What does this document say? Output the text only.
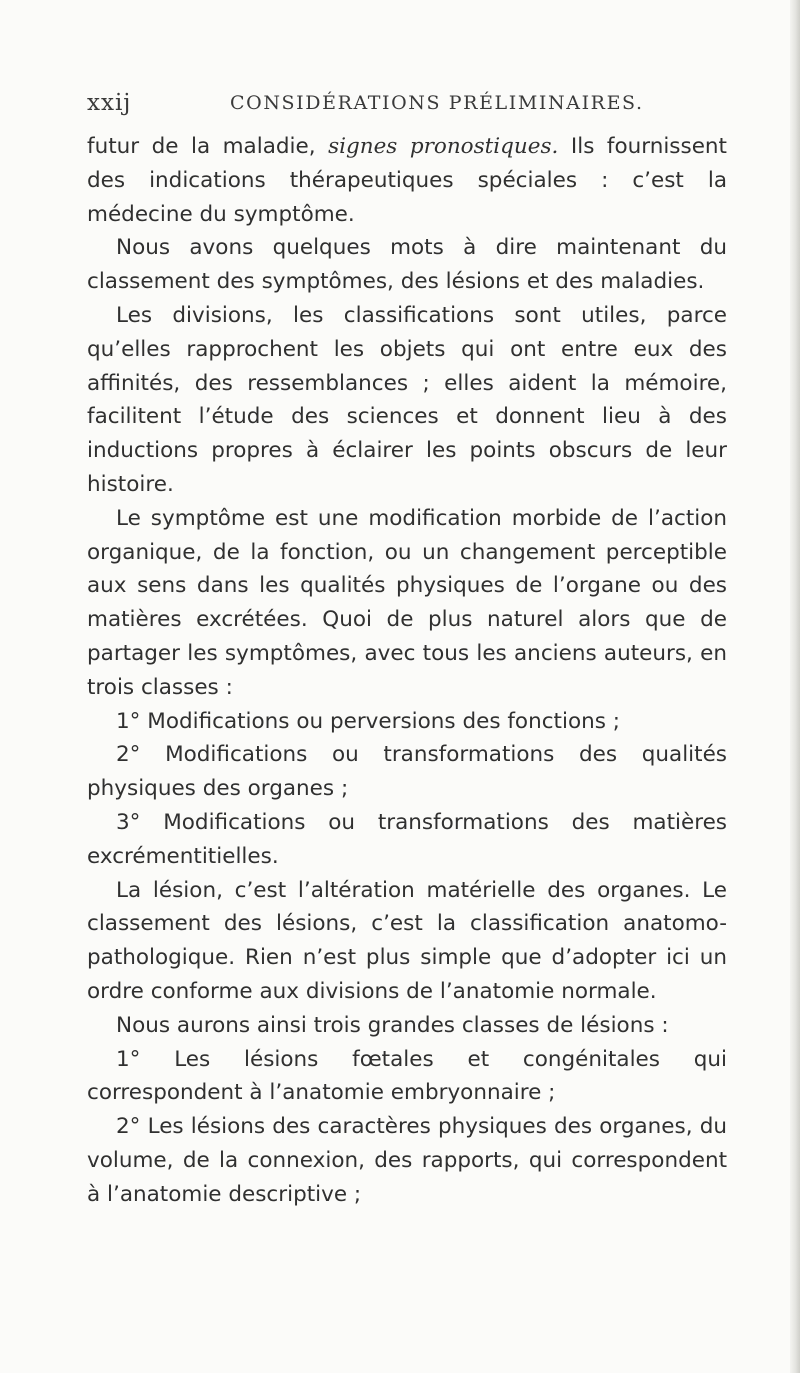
xxij	CONSIDÉRATIONS PRÉLIMINAIRES.

futur de la maladie, signes pronostiques. Ils fournissent des indications thérapeutiques spéciales : c’est la médecine du symptôme.

Nous avons quelques mots à dire maintenant du classement des symptômes, des lésions et des maladies.

Les divisions, les classifications sont utiles, parce qu’elles rapprochent les objets qui ont entre eux des affinités, des ressemblances ; elles aident la mémoire, facilitent l’étude des sciences et donnent lieu à des inductions propres à éclairer les points obscurs de leur histoire.

Le symptôme est une modification morbide de l’action organique, de la fonction, ou un changement perceptible aux sens dans les qualités physiques de l’organe ou des matières excrétées. Quoi de plus naturel alors que de partager les symptômes, avec tous les anciens auteurs, en trois classes :

1° Modifications ou perversions des fonctions ;

2° Modifications ou transformations des qualités physiques des organes ;

3° Modifications ou transformations des matières excrémentitielles.

La lésion, c’est l’altération matérielle des organes. Le classement des lésions, c’est la classification anatomo-pathologique. Rien n’est plus simple que d’adopter ici un ordre conforme aux divisions de l’anatomie normale.

Nous aurons ainsi trois grandes classes de lésions :

1° Les lésions fœtales et congénitales qui correspondent à l’anatomie embryonnaire ;

2° Les lésions des caractères physiques des organes, du volume, de la connexion, des rapports, qui correspondent à l’anatomie descriptive ;
